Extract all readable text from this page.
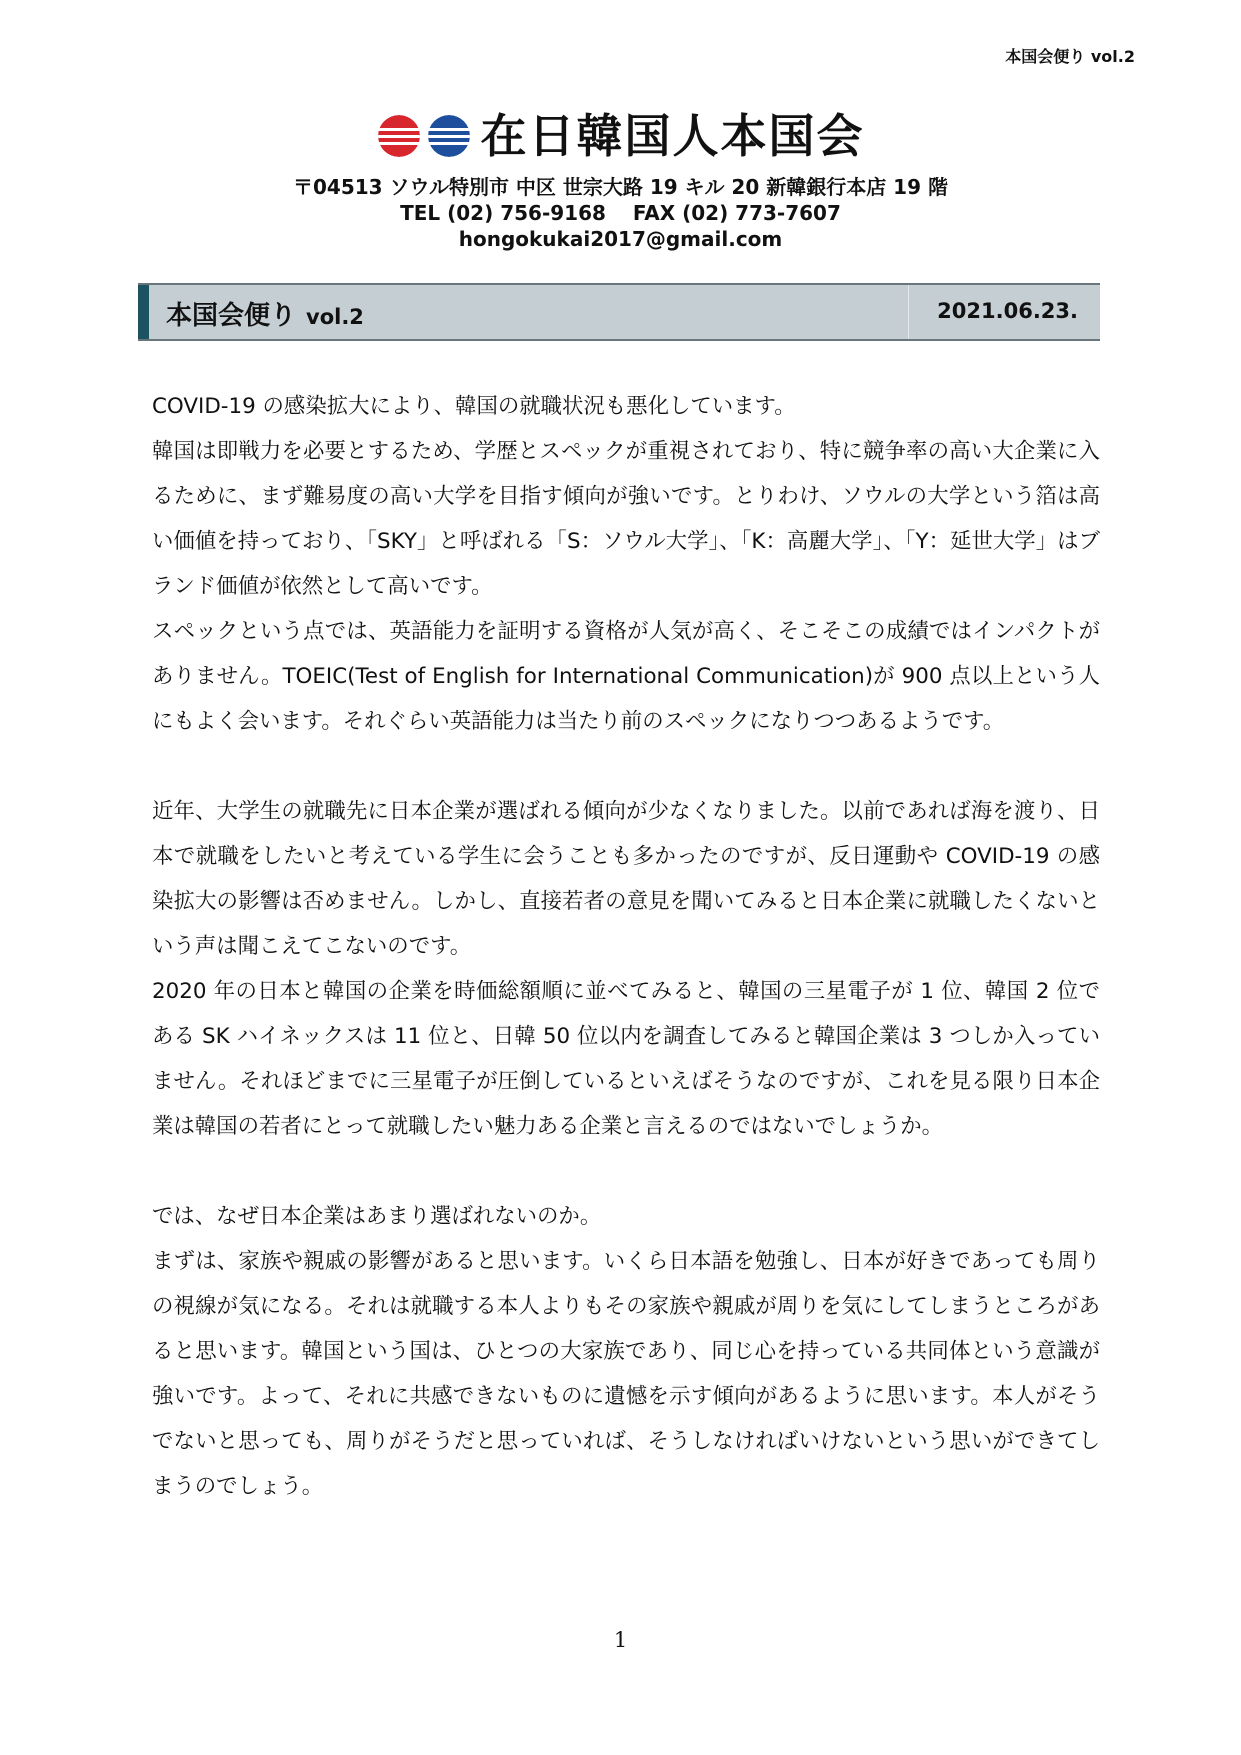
本国会便り vol.2
在日韓国人本国会
〒04513 ソウル特別市 中区 世宗大路 19 キル 20 新韓銀行本店 19 階
TEL (02) 756-9168　 FAX (02) 773-7607
hongokukai2017@gmail.com
本国会便り vol.2	2021.06.23.

COVID-19 の感染拡大により、韓国の就職状況も悪化しています。

韓国は即戦力を必要とするため、学歴とスペックが重視されており、特に競争率の高い大企業に入るために、まず難易度の高い大学を目指す傾向が強いです。とりわけ、ソウルの大学という箔は高い価値を持っており、「SKY」と呼ばれる「S：ソウル大学」、「K：高麗大学」、「Y：延世大学」はブランド価値が依然として高いです。

スペックという点では、英語能力を証明する資格が人気が高く、そこそこの成績ではインパクトがありません。TOEIC(Test of English for International Communication)が 900 点以上という人にもよく会います。それぐらい英語能力は当たり前のスペックになりつつあるようです。

近年、大学生の就職先に日本企業が選ばれる傾向が少なくなりました。以前であれば海を渡り、日本で就職をしたいと考えている学生に会うことも多かったのですが、反日運動や COVID-19 の感染拡大の影響は否めません。しかし、直接若者の意見を聞いてみると日本企業に就職したくないという声は聞こえてこないのです。

2020 年の日本と韓国の企業を時価総額順に並べてみると、韓国の三星電子が 1 位、韓国 2 位である SK ハイネックスは 11 位と、日韓 50 位以内を調査してみると韓国企業は 3 つしか入っていません。それほどまでに三星電子が圧倒しているといえばそうなのですが、これを見る限り日本企業は韓国の若者にとって就職したい魅力ある企業と言えるのではないでしょうか。

では、なぜ日本企業はあまり選ばれないのか。

まずは、家族や親戚の影響があると思います。いくら日本語を勉強し、日本が好きであっても周りの視線が気になる。それは就職する本人よりもその家族や親戚が周りを気にしてしまうところがあると思います。韓国という国は、ひとつの大家族であり、同じ心を持っている共同体という意識が強いです。よって、それに共感できないものに遺憾を示す傾向があるように思います。本人がそうでないと思っても、周りがそうだと思っていれば、そうしなければいけないという思いができてしまうのでしょう。

1
